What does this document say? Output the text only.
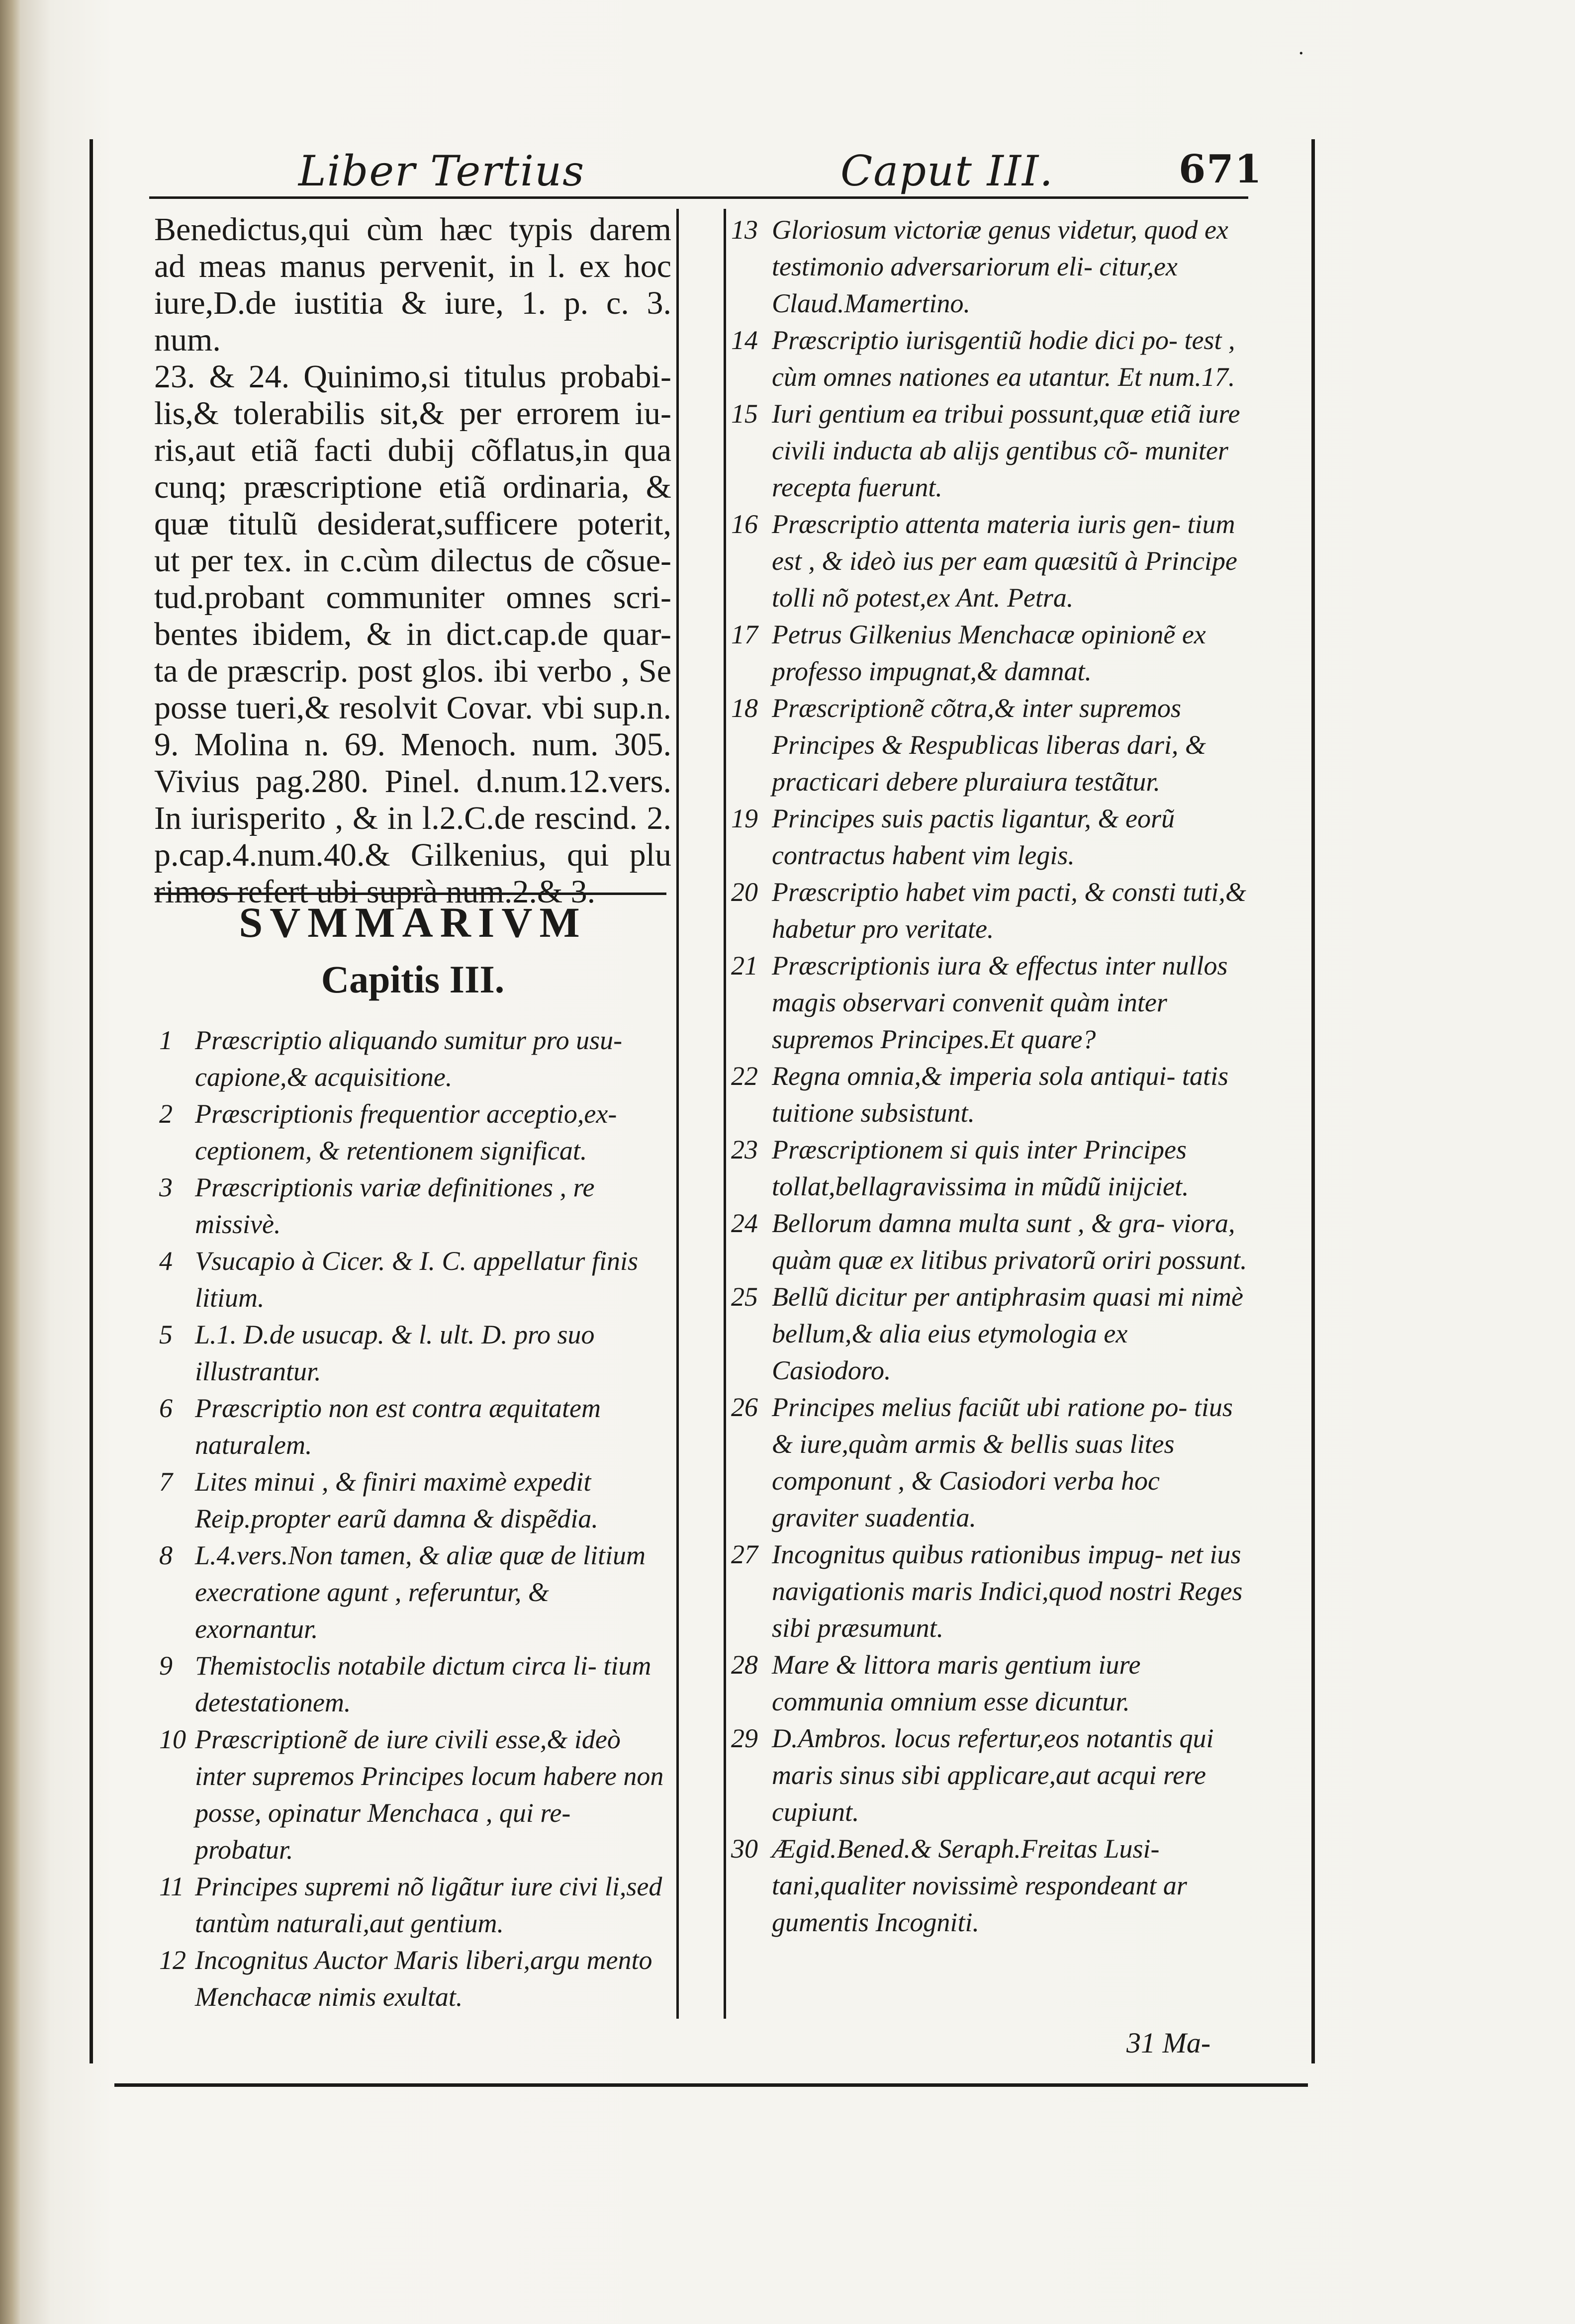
·
Liber Tertius	Caput III.	671
Benedictus,qui cùm hæc typis darem
ad meas manus pervenit, in l. ex hoc
iure,D.de iustitia & iure, 1. p. c. 3. num.
23. & 24. Quinimo,si titulus probabi-
lis,& tolerabilis sit,& per errorem iu-
ris,aut etiã facti dubij cõflatus,in qua
cunq; præscriptione etiã ordinaria, &
quæ titulũ desiderat,sufficere poterit,
ut per tex. in c.cùm dilectus de cõsue-
tud.probant communiter omnes scri-
bentes ibidem, & in dict.cap.de quar-
ta de præscrip. post glos. ibi verbo , Se
posse tueri,& resolvit Covar. vbi sup.n.
9. Molina n. 69. Menoch. num. 305.
Vivius pag.280. Pinel. d.num.12.vers.
In iurisperito , & in l.2.C.de rescind. 2.
p.cap.4.num.40.& Gilkenius, qui plu
rimos refert ubi suprà num.2.& 3.
SVMMARIVM
Capitis III.
1 Præscriptio aliquando sumitur pro usu- capione,& acquisitione.
2 Præscriptionis frequentior acceptio,ex- ceptionem, & retentionem significat.
3 Præscriptionis variæ definitiones , re missivè.
4 Vsucapio à Cicer. & I. C. appellatur finis litium.
5 L.1. D.de usucap. & l. ult. D. pro suo illustrantur.
6 Præscriptio non est contra æquitatem naturalem.
7 Lites minui , & finiri maximè expedit Reip.propter earũ damna & dispẽdia.
8 L.4.vers.Non tamen, & aliæ quæ de litium execratione agunt , referuntur, & exornantur.
9 Themistoclis notabile dictum circa li- tium detestationem.
10 Præscriptionẽ de iure civili esse,& ideò inter supremos Principes locum habere non posse, opinatur Menchaca , qui re- probatur.
11 Principes supremi nõ ligãtur iure civi li,sed tantùm naturali,aut gentium.
12 Incognitus Auctor Maris liberi,argu mento Menchacæ nimis exultat.
13 Gloriosum victoriæ genus videtur, quod ex testimonio adversariorum eli- citur,ex Claud.Mamertino.
14 Præscriptio iurisgentiũ hodie dici po- test , cùm omnes nationes ea utantur. Et num.17.
15 Iuri gentium ea tribui possunt,quæ etiã iure civili inducta ab alijs gentibus cõ- muniter recepta fuerunt.
16 Præscriptio attenta materia iuris gen- tium est , & ideò ius per eam quæsitũ à Principe tolli nõ potest,ex Ant. Petra.
17 Petrus Gilkenius Menchacæ opinionẽ ex professo impugnat,& damnat.
18 Præscriptionẽ cõtra,& inter supremos Principes & Respublicas liberas dari, & practicari debere pluraiura testãtur.
19 Principes suis pactis ligantur, & eorũ contractus habent vim legis.
20 Præscriptio habet vim pacti, & consti tuti,& habetur pro veritate.
21 Præscriptionis iura & effectus inter nullos magis observari convenit quàm inter supremos Principes.Et quare?
22 Regna omnia,& imperia sola antiqui- tatis tuitione subsistunt.
23 Præscriptionem si quis inter Principes tollat,bellagravissima in mũdũ inijciet.
24 Bellorum damna multa sunt , & gra- viora, quàm quæ ex litibus privatorũ oriri possunt.
25 Bellũ dicitur per antiphrasim quasi mi nimè bellum,& alia eius etymologia ex Casiodoro.
26 Principes melius faciũt ubi ratione po- tius & iure,quàm armis & bellis suas lites componunt , & Casiodori verba hoc graviter suadentia.
27 Incognitus quibus rationibus impug- net ius navigationis maris Indici,quod nostri Reges sibi præsumunt.
28 Mare & littora maris gentium iure communia omnium esse dicuntur.
29 D.Ambros. locus refertur,eos notantis qui maris sinus sibi applicare,aut acqui rere cupiunt.
30 Ægid.Bened.& Seraph.Freitas Lusi- tani,qualiter novissimè respondeant ar gumentis Incogniti.
31 Ma-
